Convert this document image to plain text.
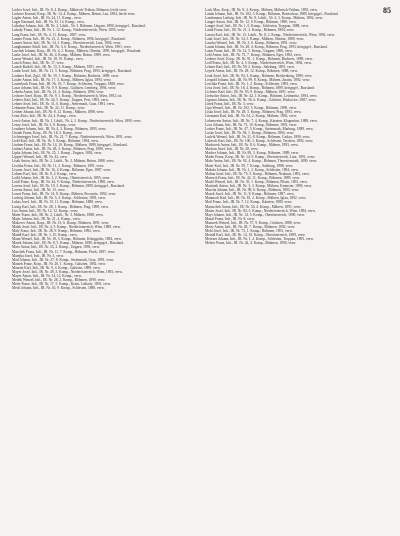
85

Lacher Josef, Inft., IR. Nr. 8, 4. Komp., Mährisch-Trübau, Böhmen, leicht verw.

Lackner Konrad, Korp., IR. Nr. 14, 4. Komp., Mähren, Brünn, Laa, 1894, leicht verw.

Lagler Anton, Inft., IR. Nr. 24, 11. Komp., verw.

Lager Emanuel, Inft., IR. Nr. 33, 14. Komp., verw.

Lahodny Johann, Inft., IR. Nr. 2, Ldstlt., Nr. 3, Böhmen, Ungarn, 1890, kriegsgef., Russland.

Lahody Franz, Inft., IR. Nr. 1, 12. Komp., Niederösterreich, Wien, 1895, verw.

Lang Franz, Inft., IR. Nr. 4, 11. Komp., 1887, verw.

Lanner Franz, Inft., IR. Nr. 21, 2. Komp., Böhmen, 1896, kriegsgef., Russland.

Lanzer Anton, Inft., IR. Nr. 14, 1. Komp., Oberösterreich, Linz, 1892, verw.

Langhammer Adolf, Inft., IR. Nr. 3, 6. Komp., Niederösterreich, Wien, 1891, verw.

Laschek Johann, Korp., IR. Nr. 4, 2. Komp., Mähren, Olmütz, 1895, kriegsgef., Russland.

Laske Josef, Inft., IR. Nr. 46, 4. Komp., Mähren, Brünn, 1889, verw.

Lasser Wenzel, Inft., IR. Nr. 18, 10. Komp., verw.

Latsch Franz, Inft., IR. Nr. 17, verw.

Latzek Rudolf, Inft., IR. Nr. 13, 3. Komp., Mähren, 1891, verw.

Laube Josef, Inft., IR. Nr. 11, 5. Komp., Böhmen, Prag, 1893, kriegsgef., Russland.

Laubner Karl, Zgsf., IR. Nr. 19, 1. Komp., Böhmen, Budweis, 1889, verw.

Laufer Anton, Inft., IR. Nr. 17, 3. Komp., Mähren, Iglau, 1894, verw.

Lauterbach Franz, Inft., IR. Nr. 10, 7. Komp., Schlesien, Troppau, 1888, verw.

Lazar Johann, Inft., IR. Nr. 9, 9. Komp., Galizien, Lemberg, 1894, verw.

Lebeda Anton, Inft., IR. Nr. 21, 4. Komp., Böhmen, 1894, verw.

Lechner Josef, Korp., IR. Nr. 9, 1. Komp., Niederösterreich, Wien, 1892, tot.

Lederer Karl, Inft., IR. Nr. 44, 5. Komp., Ungarn, Pest, 1893, verw.

Lehner Josef, Inft., IR. Nr. 31, 6. Komp., Steiermark, Graz, 1891, verw.

Lehmann Franz, Inft., IR. Nr. 22, 11. Komp., verw.

Leitner Johann, Inft., IR. Nr. 8, 12. Komp., Mähren, 1888, verw.

Lenz Alois, Inft., IR. Nr. 24, 4. Komp., verw.

Lerch Anton, Inft., IR. Nr. 1, Ldstlt., Nr. 2, 2. Komp., Niederösterreich, Wien, 1890, verw.

Lesny Josef, Inft., IR. Nr. 3, 8. Komp., verw.

Leuthner Johann, Inft., IR. Nr. 4, 3. Komp., Böhmen, 1893, verw.

Lhotak Franz, Korp., IR. Nr. 18, 2. Komp., verw.

Lichtenegger Josef, Inft., IR. Nr. 21, 7. Komp., Niederösterreich, Wien, 1891, verw.

Liebl Karl, Inft., IR. Nr. 16, 5. Komp., Böhmen, 1894, verw.

Lindner Franz, Inft., IR. Nr. 14, 10. Komp., Mähren, 1889, kriegsgef., Russland.

Linhart Anton, Inft., IR. Nr. 28, 3. Komp., Böhmen, Prag, 1890, verw.

Lipka Johann, Inft., IR. Nr. 25, 1. Komp., Ungarn, 1892, verw.

Lippert Wenzel, Inft., IR. Nr. 42, verw.

Lisak Anton, Inft., IR. Nr. 2, Ldstlt., Nr. 2, Mähren, Brünn, 1888, verw.

Lischka Franz, Inft., IR. Nr. 11, 2. Komp., Böhmen, 1891, verw.

Lissner Josef, Inft., IR. Nr. 16, 4. Komp., Böhmen, Eger, 1887, verw.

Lobner Karl, Inft., IR. Nr. 8, 2. Komp., verw.

Loibl Johann, Inft., IR. Nr. 3, 2. Komp., Oberösterreich, 1893, verw.

Loidl Franz, Korp., IR. Nr. 44, 9. Komp., Niederösterreich, 1890, verw.

Lorenz Josef, Inft., IR. Nr. 19, 3. Komp., Böhmen, 1889, kriegsgef., Russland.

Lorenz Anton, Inft., IR. Nr. 13, verw.

Losert Franz, Inft., IR. Nr. 14, 8. Komp., Mähren, Prossnitz, 1892, verw.

Ludwig Johann, Inft., IR. Nr. 5, 4. Komp., Schlesien, 1893, verw.

Lukas Josef, Inft., IR. Nr. 15, 11. Komp., Böhmen, 1888, verw.

Lustig Karl, Inft., IR. Nr. 28, 1. Komp., Böhmen, Prag, 1890, verw.

Lux Anton, Inft., IR. Nr. 12, 12. Komp., verw.

Maier Franz, Inft., IR. Nr. 2, Ldstlt., Nr. 3, Mähren, 1888, verw.

Majer Johann, Inft., IR. Nr. 21, 4. Komp., verw.

Makovec Anton, Korp., IR. Nr. 15, 6. Komp., Böhmen, 1891, verw.

Malek Josef, Inft., IR. Nr. 4, 5. Komp., Niederösterreich, Wien, 1889, verw.

Maly Franz, Inft., IR. Nr. 28, 9. Komp., Böhmen, 1892, verw.

Mandl Karl, Inft., IR. Nr. 1, 10. Komp., verw.

Mann Wenzel, Inft., IR. Nr. 18, 3. Komp., Böhmen, Königgrätz, 1894, verw.

Marek Johann, Inft., IR. Nr. 8, 5. Komp., Mähren, 1890, kriegsgef., Russland.

Marx Anton, Inft., IR. Nr. 33, 2. Komp., Ungarn, 1893, verw.

Maschek Franz, Inft., IR. Nr. 11, 7. Komp., Böhmen, Pisek, 1887, verw.

Matejka Josef, Inft., IR. Nr. 3, verw.

Matl Johann, Inft., IR. Nr. 27, 8. Komp., Steiermark, Graz, 1891, verw.

Matzek Franz, Korp., IR. Nr. 20, 1. Komp., Galizien, 1892, verw.

Mauritz Karl, Inft., IR. Nr. 9, 4. Komp., Galizien, 1889, verw.

Mayer Josef, Inft., IR. Nr. 49, 3. Komp., Niederösterreich, Wien, 1893, verw.

Mayer Anton, Inft., IR. Nr. 14, 12. Komp., verw.

Medek Wenzel, Inft., IR. Nr. 28, 2. Komp., Böhmen, 1890, verw.

Meier Franz, Inft., IR. Nr. 17, 5. Komp., Krain, Laibach, 1891, verw.

Meisl Johann, Inft., IR. Nr. 10, 9. Komp., Schlesien, 1888, verw.

Lach Max, Korp., IR. Nr. 8, 4. Komp., Mähren, Mährisch-Trübau, 1893, verw.

Landa Johann, Inft., IR. Nr. 102, 3. Komp., Böhmen, Beneschau, 1889, kriegsgef., Russland.

Landsmann Ludwig, Inft., IR. Nr. 8, Ldstlt., Nr. 2, 3. Komp., Mähren, 1892, verw.

Langer Anton, Inft., IR. Nr. 12, 9. Komp., Böhmen, 1890, verw.

Langer Josef, Inft., IR. Nr. 1, 6. Komp., Schlesien, Troppau, 1888, verw.

Lanik Franz, Inft., IR. Nr. 21, 2. Komp., Böhmen, 1894, verw.

Lasota Karl, Inft., IR. Nr. 13, Ldstlt., Nr. 8, 2. Komp., Niederösterreich, Wien, 1892, verw.

Latal Josef, Inft., IR. Nr. 54, 3. Komp., Mähren, Olmütz, 1889, verw.

Laucka Wenzel, Inft., IR. Nr. 3, 6. Komp., Böhmen, 1891, verw.

Lauda Johann, Inft., IR. Nr. 28, 4. Komp., Böhmen, Prag, 1893, kriegsgef., Russland.

Lazar Franz, Inft., IR. Nr. 12, 5. Komp., Ungarn, 1890, verw.

Lebl Anton, Inft., IR. Nr. 73, 7. Komp., Böhmen, Eger, 1892, verw.

Lederer Josef, Korp., IR. Nr. 91, 1. Komp., Böhmen, Budweis, 1889, verw.

Ledl Franz, Inft., IR. Nr. 4, 5. Komp., Niederösterreich, Wien, 1894, verw.

Lehner Karl, Inft., IR. Nr. 59, 2. Komp., Salzburg, 1891, verw.

Lejsek Anton, Inft., IR. Nr. 28, 12. Komp., Böhmen, 1888, verw.

Lenk Josef, Inft., IR. Nr. 94, 3. Komp., Böhmen, Reichenberg, 1890, verw.

Leopold Johann, Inft., IR. Nr. 99, 8. Komp., Mähren, Znaim, 1892, verw.

Leschka Franz, Inft., IR. Nr. 1, 2. Komp., Schlesien, 1893, verw.

Lexa Josef, Inft., IR. Nr. 18, 4. Komp., Böhmen, 1889, kriegsgef., Russland.

Lichtner Karl, Inft., IR. Nr. 93, 9. Komp., Mähren, 1891, verw.

Liebscher Anton, Inft., IR. Nr. 42, 1. Komp., Böhmen, Leitmeritz, 1894, verw.

Ligenza Johann, Inft., IR. Nr. 56, 6. Komp., Galizien, Wadowice, 1887, verw.

Linek Franz, Inft., IR. Nr. 3, verw.

Lipa Wenzel, Inft., IR. Nr. 102, 5. Komp., Böhmen, 1890, verw.

Liska Josef, Inft., IR. Nr. 28, 3. Komp., Böhmen, Prag, 1893, verw.

Litzmann Karl, Inft., IR. Nr. 54, 2. Komp., Mähren, 1892, verw.

Lobenwein Anton, Inft., IR. Nr. 7, 4. Komp., Kärnten, Klagenfurt, 1888, verw.

Loos Johann, Inft., IR. Nr. 73, 10. Komp., Böhmen, 1891, verw.

Lorber Franz, Inft., IR. Nr. 47, 5. Komp., Steiermark, Marburg, 1889, verw.

Lucke Josef, Inft., IR. Nr. 94, 1. Komp., Böhmen, 1894, verw.

Ludvik Wenzel, Inft., IR. Nr. 21, 8. Komp., Böhmen, Caslau, 1890, verw.

Lukesch Karl, Inft., IR. Nr. 100, 2. Komp., Schlesien, Teschen, 1892, verw.

Machacek Anton, Inft., IR. Nr. 8, 6. Komp., Mähren, 1893, verw.

Machan Josef, Inft., IR. Nr. 28, verw.

Macher Johann, Inft., IR. Nr. 88, 3. Komp., Böhmen, 1889, verw.

Mader Franz, Korp., IR. Nr. 14, 9. Komp., Oberösterreich, Linz, 1891, verw.

Mahr Anton, Inft., IR. Nr. 92, 4. Komp., Böhmen, Theresienstadt, 1890, verw.

Maier Karl, Inft., IR. Nr. 59, 7. Komp., Salzburg, 1888, verw.

Makula Johann, Inft., IR. Nr. 1, 2. Komp., Schlesien, 1894, verw.

Malina Josef, Inft., IR. Nr. 75, 5. Komp., Böhmen, Neuhaus, 1892, verw.

Maresch Franz, Inft., IR. Nr. 42, 11. Komp., Böhmen, 1889, verw.

Markl Wenzel, Inft., IR. Nr. 35, 1. Komp., Böhmen, Pilsen, 1891, verw.

Martinek Anton, Inft., IR. Nr. 3, 3. Komp., Mähren, Kremsier, 1890, verw.

Mascha Johann, Inft., IR. Nr. 98, 6. Komp., Böhmen, 1893, verw.

Masek Josef, Inft., IR. Nr. 11, 8. Komp., Böhmen, 1887, verw.

Matausch Karl, Inft., IR. Nr. 81, 2. Komp., Mähren, Iglau, 1892, verw.

Matl Franz, Inft., IR. Nr. 7, 12. Komp., Kärnten, 1889, verw.

Matuschek Anton, Inft., IR. Nr. 54, 4. Komp., Mähren, 1891, verw.

Mauer Josef, Inft., IR. Nr. 84, 3. Komp., Niederösterreich, Wien, 1894, verw.

Mayr Johann, Inft., IR. Nr. 14, 5. Komp., Oberösterreich, 1890, verw.

Mazal Franz, Inft., IR. Nr. 8, verw.

Mazurek Wenzel, Inft., IR. Nr. 57, 9. Komp., Galizien, 1888, verw.

Mecir Anton, Inft., IR. Nr. 28, 7. Komp., Böhmen, 1892, verw.

Mehl Josef, Inft., IR. Nr. 73, 1. Komp., Böhmen, 1891, verw.

Meindl Karl, Inft., IR. Nr. 14, 10. Komp., Oberösterreich, 1889, verw.

Meixner Johann, Inft., IR. Nr. 1, 2. Komp., Schlesien, Troppau, 1893, verw.

Melzer Franz, Inft., IR. Nr. 42, 4. Komp., Böhmen, 1890, verw.
